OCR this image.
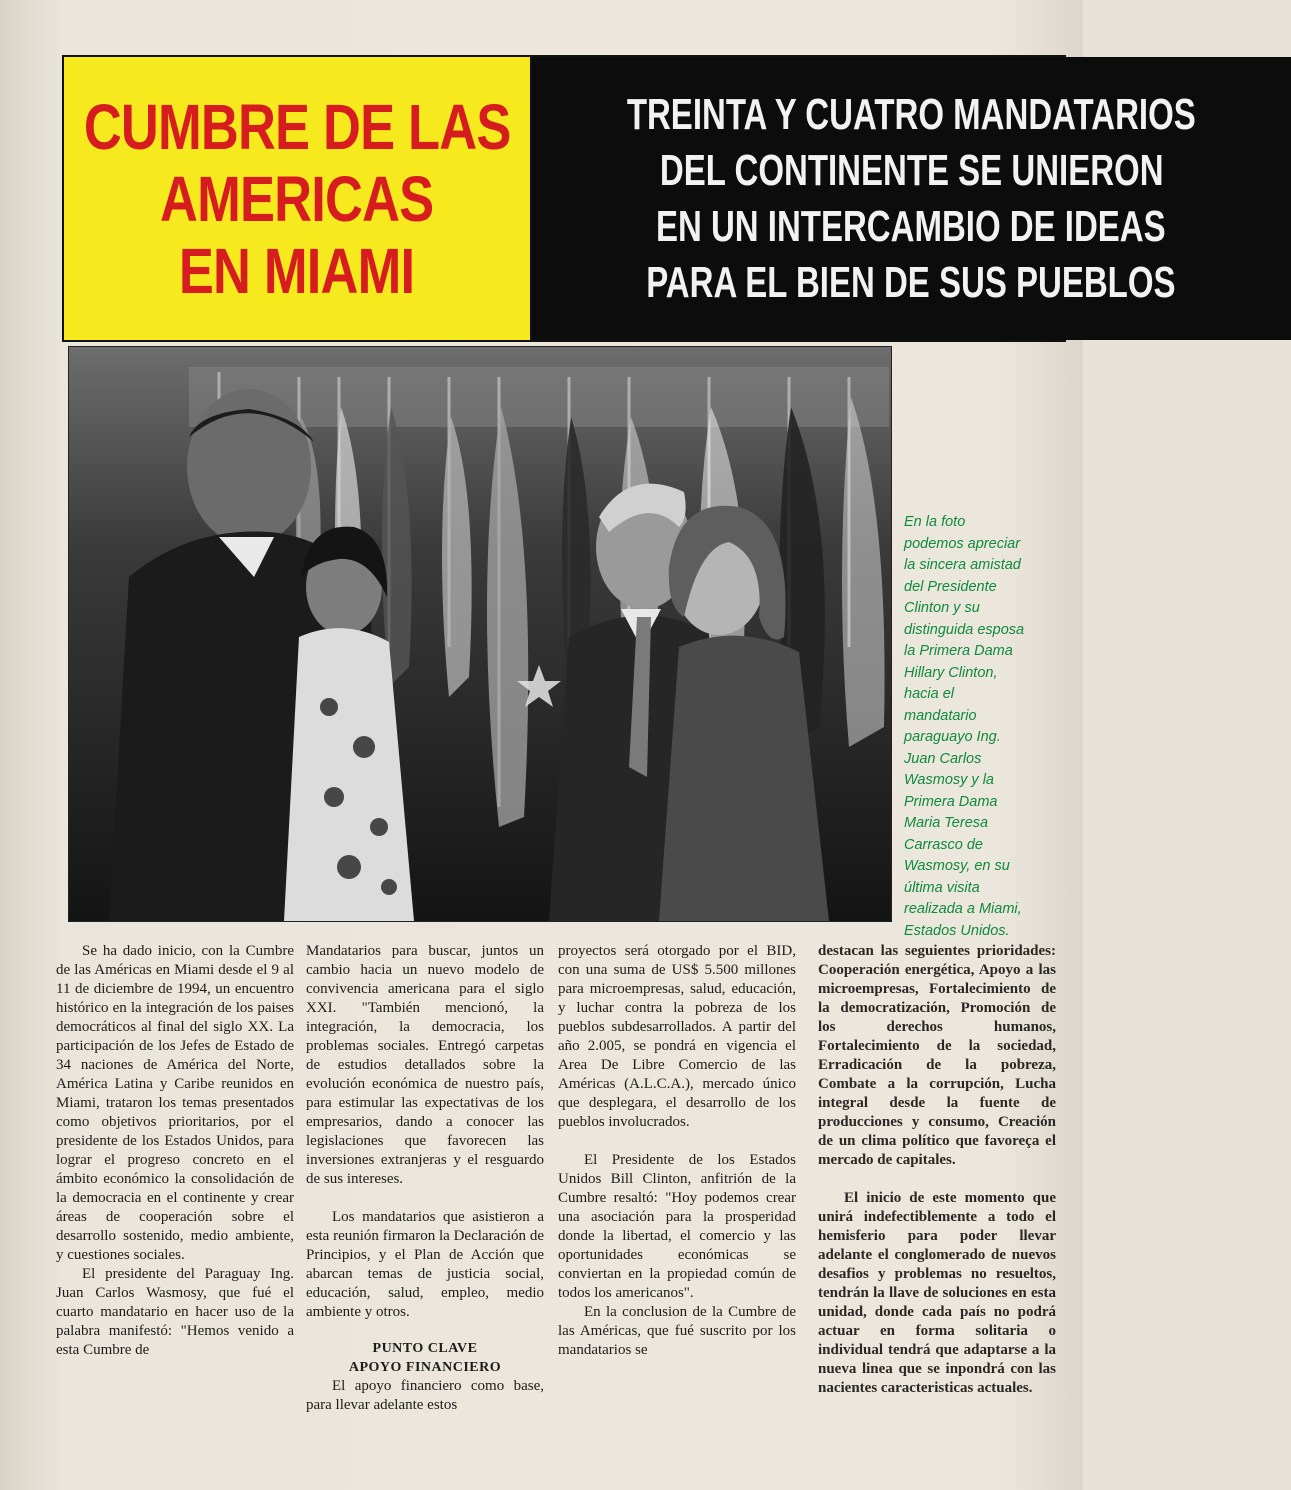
CUMBRE DE LAS
AMERICAS
EN MIAMI
TREINTA Y CUATRO MANDATARIOS
DEL CONTINENTE SE UNIERON
EN UN INTERCAMBIO DE IDEAS
PARA EL BIEN DE SUS PUEBLOS
En la foto
podemos apreciar
la sincera amistad
del Presidente
Clinton y su
distinguida esposa
la Primera Dama
Hillary Clinton,
hacia el
mandatario
paraguayo Ing.
Juan Carlos
Wasmosy y la
Primera Dama
Maria Teresa
Carrasco de
Wasmosy, en su
última visita
realizada a Miami,
Estados Unidos.

Se ha dado inicio, con la Cumbre de las Américas en Miami desde el 9 al 11 de diciembre de 1994, un encuentro histórico en la integración de los paises democráticos al final del siglo XX. La participación de los Jefes de Estado de 34 naciones de América del Norte, América Latina y Caribe reunidos en Miami, trataron los temas presentados como objetivos prioritarios, por el presidente de los Estados Unidos, para lograr el progreso concreto en el ámbito económico la consolidación de la democracia en el continente y crear áreas de cooperación sobre el desarrollo sostenido, medio ambiente, y cuestiones sociales.

El presidente del Paraguay Ing. Juan Carlos Wasmosy, que fué el cuarto mandatario en hacer uso de la palabra manifestó: "Hemos venido a esta Cumbre de

Mandatarios para buscar, juntos un cambio hacia un nuevo modelo de convivencia americana para el siglo XXI. "También mencionó, la integración, la democracia, los problemas sociales. Entregó carpetas de estudios detallados sobre la evolución económica de nuestro país, para estimular las expectativas de los empresarios, dando a conocer las legislaciones que favorecen las inversiones extranjeras y el resguardo de sus intereses.

Los mandatarios que asistieron a esta reunión firmaron la Declaración de Principios, y el Plan de Acción que abarcan temas de justicia social, educación, salud, empleo, medio ambiente y otros.

PUNTO CLAVE
APOYO FINANCIERO

El apoyo financiero como base, para llevar adelante estos

proyectos será otorgado por el BID, con una suma de US$ 5.500 millones para microempresas, salud, educación, y luchar contra la pobreza de los pueblos subdesarrollados. A partir del año 2.005, se pondrá en vigencia el Area De Libre Comercio de las Américas (A.L.C.A.), mercado único que desplegara, el desarrollo de los pueblos involucrados.

El Presidente de los Estados Unidos Bill Clinton, anfitrión de la Cumbre resaltó: "Hoy podemos crear una asociación para la prosperidad donde la libertad, el comercio y las oportunidades económicas se conviertan en la propiedad común de todos los americanos".

En la conclusion de la Cumbre de las Américas, que fué suscrito por los mandatarios se

destacan las seguientes prioridades: Cooperación energética, Apoyo a las microempresas, Fortalecimiento de la democratización, Promoción de los derechos humanos, Fortalecimiento de la sociedad, Erradicación de la pobreza, Combate a la corrupción, Lucha integral desde la fuente de producciones y consumo, Creación de un clima político que favoreça el mercado de capitales.

El inicio de este momento que unirá indefectiblemente a todo el hemisferio para poder llevar adelante el conglomerado de nuevos desafios y problemas no resueltos, tendrán la llave de soluciones en esta unidad, donde cada país no podrá actuar en forma solitaria o individual tendrá que adaptarse a la nueva linea que se inpondrá con las nacientes caracteristicas actuales.
